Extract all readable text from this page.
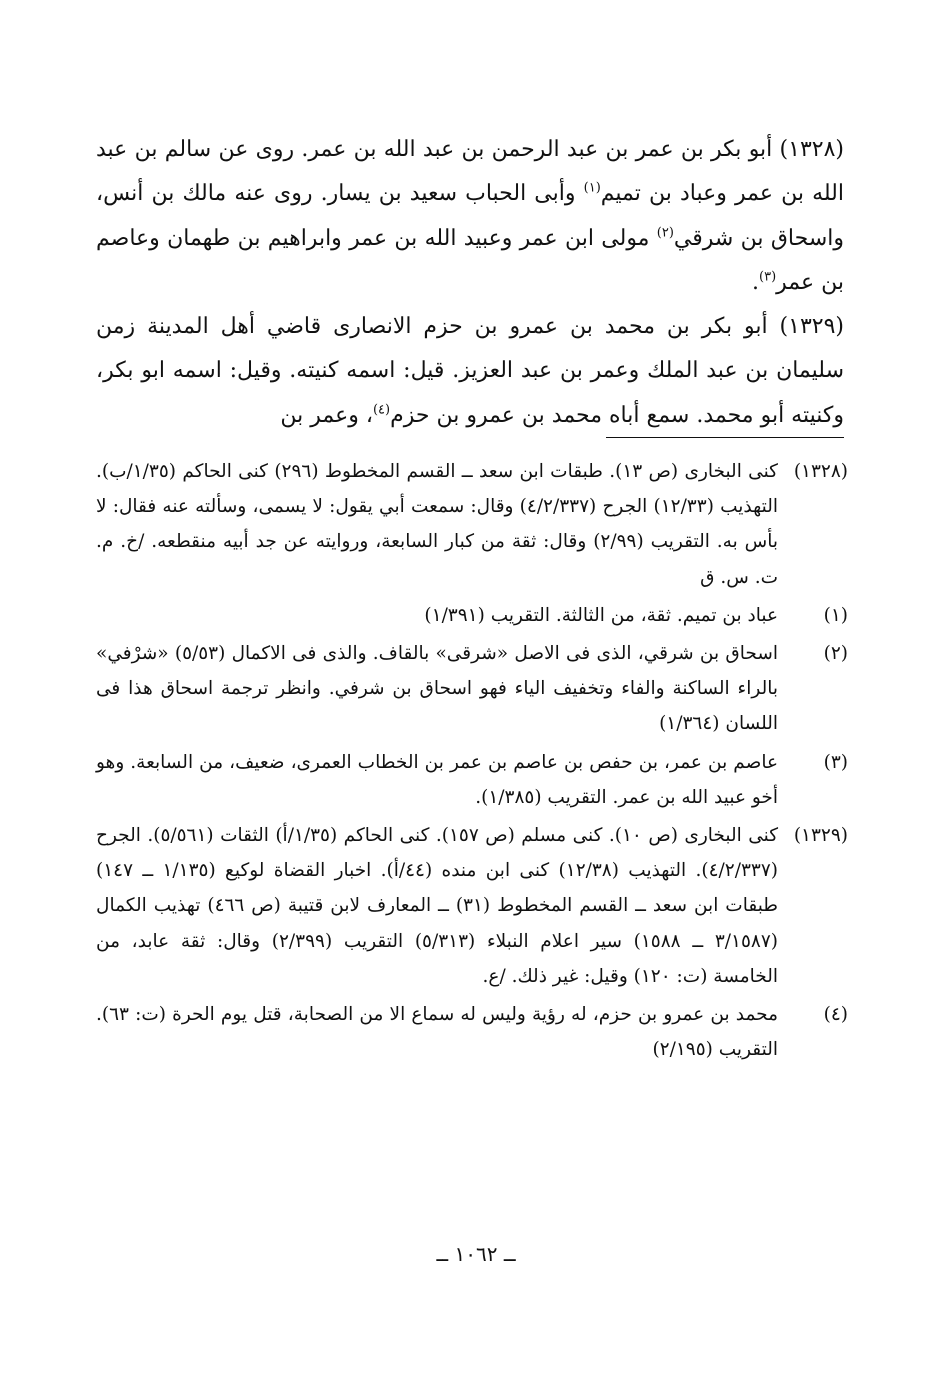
(١٣٢٨) أبو بكر بن عمر بن عبد الرحمن بن عبد الله بن عمر. روى عن سالم بن عبد الله بن عمر وعباد بن تميم$^{(١)}$ وأبى الحباب سعيد بن يسار. روى عنه مالك بن أنس، واسحاق بن شرقي$^{(٢)}$ مولى ابن عمر وعبيد الله بن عمر وابراهيم بن طهمان وعاصم بن عمر$^{(٣)}$.

(١٣٢٩) أبو بكر بن محمد بن عمرو بن حزم الانصارى قاضي أهل المدينة زمن سليمان بن عبد الملك وعمر بن عبد العزيز. قيل: اسمه كنيته. وقيل: اسمه ابو بكر، وكنيته أبو محمد. سمع أباه محمد بن عمرو بن حزم$^{(٤)}$، وعمر بن

(١٣٢٨)
كنى البخارى (ص ١٣). طبقات ابن سعد ــ القسم المخطوط (٢٩٦) كنى الحاكم (١/٣٥/ب). التهذيب (١٢/٣٣) الجرح (٤/٢/٣٣٧) وقال: سمعت أبي يقول: لا يسمى، وسألته عنه فقال: لا بأس به. التقريب (٢/٩٩) وقال: ثقة من كبار السابعة، وروايته عن جد أبيه منقطعه. /خ. م. ت. س. ق
(١)
عباد بن تميم. ثقة، من الثالثة. التقريب (١/٣٩١)
(٢)
اسحاق بن شرقي، الذى فى الاصل «شرقى» بالقاف. والذى فى الاكمال (٥/٥٣) «شرْفي» بالراء الساكنة والفاء وتخفيف الياء فهو اسحاق بن شرفي. وانظر ترجمة اسحاق هذا فى اللسان (١/٣٦٤)
(٣)
عاصم بن عمر، بن حفص بن عاصم بن عمر بن الخطاب العمرى، ضعيف، من السابعة. وهو أخو عبيد الله بن عمر. التقريب (١/٣٨٥).
(١٣٢٩)
كنى البخارى (ص ١٠). كنى مسلم (ص ١٥٧). كنى الحاكم (١/٣٥/أ) الثقات (٥/٥٦١). الجرح (٤/٢/٣٣٧). التهذيب (١٢/٣٨) كنى ابن منده (٤٤/أ). اخبار القضاة لوكيع (١/١٣٥ ــ ١٤٧) طبقات ابن سعد ــ القسم المخطوط (٣١) ــ المعارف لابن قتيبة (ص ٤٦٦) تهذيب الكمال (٣/١٥٨٧ ــ ١٥٨٨) سير اعلام النبلاء (٥/٣١٣) التقريب (٢/٣٩٩) وقال: ثقة عابد، من الخامسة (ت: ١٢٠) وقيل: غير ذلك. /ع.
(٤)
محمد بن عمرو بن حزم، له رؤية وليس له سماع الا من الصحابة، قتل يوم الحرة (ت: ٦٣). التقريب (٢/١٩٥)
ــ ١٠٦٢ ــ
